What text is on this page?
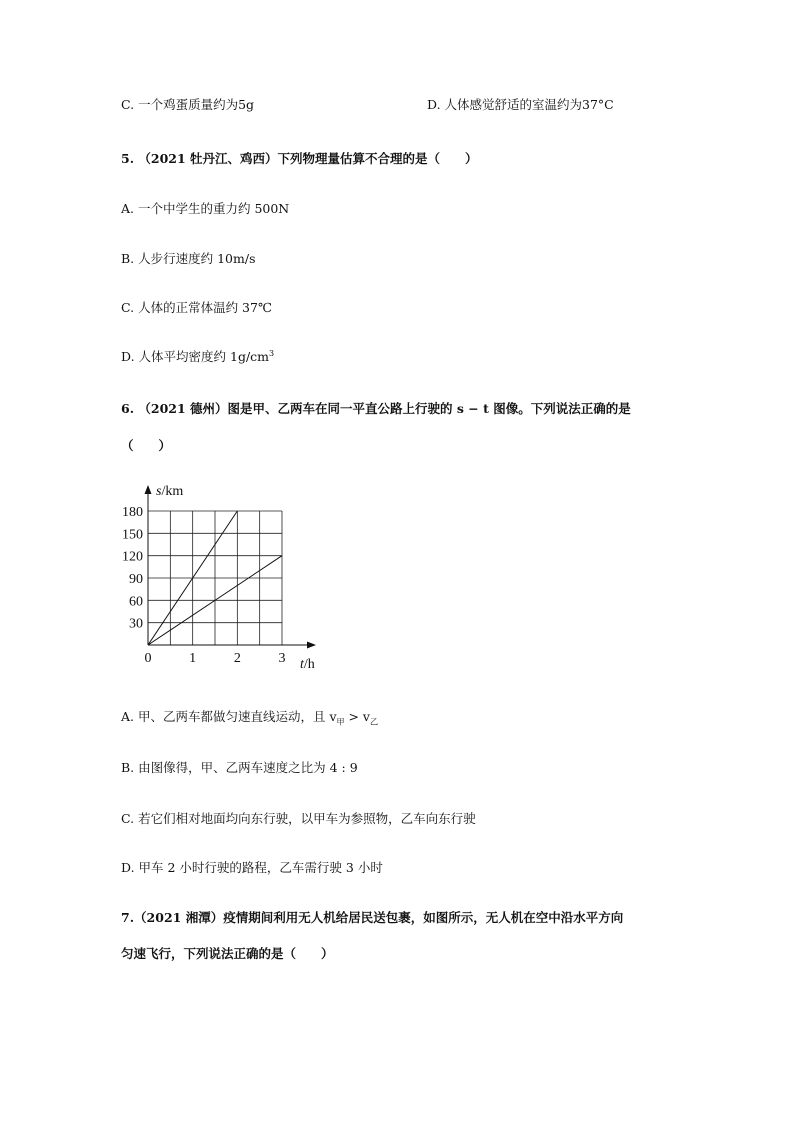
C. 一个鸡蛋质量约为5g	D. 人体感觉舒适的室温约为37°C
5. （2021 牡丹江、鸡西）下列物理量估算不合理的是（　　）
A. 一个中学生的重力约 500N
B. 人步行速度约 10m/s
C. 人体的正常体温约 37℃
D. 人体平均密度约 $1g/cm^3$
6. （2021 德州）图是甲、乙两车在同一平直公路上行驶的 s − t 图像。下列说法正确的是
（　　）
0	1	2	3
30
60
90
120
150
180
s/km
t/h
A. 甲、乙两车都做匀速直线运动，且 $v_甲 > v_乙$
B. 由图像得，甲、乙两车速度之比为 4 : 9
C. 若它们相对地面均向东行驶，以甲车为参照物，乙车向东行驶
D. 甲车 2 小时行驶的路程，乙车需行驶 3 小时
7.（2021 湘潭）疫情期间利用无人机给居民送包裹，如图所示，无人机在空中沿水平方向
匀速飞行，下列说法正确的是（　　）
